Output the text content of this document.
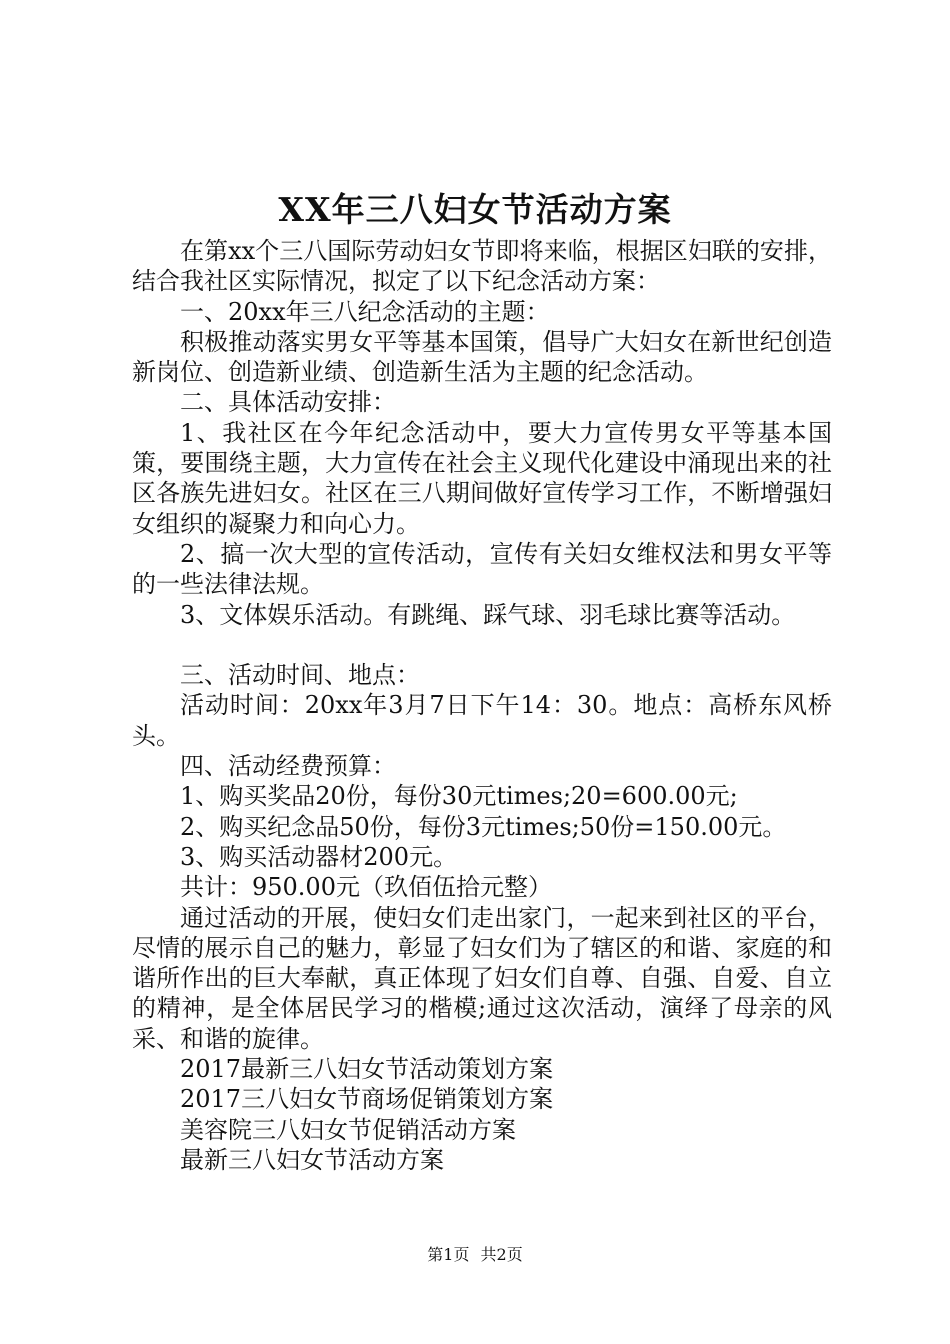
XX年三八妇女节活动方案

在第xx个三八国际劳动妇女节即将来临，根据区妇联的安排，结合我社区实际情况，拟定了以下纪念活动方案：

一、20xx年三八纪念活动的主题：

积极推动落实男女平等基本国策，倡导广大妇女在新世纪创造新岗位、创造新业绩、创造新生活为主题的纪念活动。

二、具体活动安排：

1、我社区在今年纪念活动中，要大力宣传男女平等基本国策，要围绕主题，大力宣传在社会主义现代化建设中涌现出来的社区各族先进妇女。社区在三八期间做好宣传学习工作，不断增强妇女组织的凝聚力和向心力。

2、搞一次大型的宣传活动，宣传有关妇女维权法和男女平等的一些法律法规。

3、文体娱乐活动。有跳绳、踩气球、羽毛球比赛等活动。

三、活动时间、地点：

活动时间：20xx年3月7日下午14：30。地点：高桥东风桥头。

四、活动经费预算：

1、购买奖品20份，每份30元times;20=600.00元;

2、购买纪念品50份，每份3元times;50份=150.00元。

3、购买活动器材200元。

共计：950.00元（玖佰伍拾元整）

通过活动的开展，使妇女们走出家门，一起来到社区的平台，尽情的展示自己的魅力，彰显了妇女们为了辖区的和谐、家庭的和谐所作出的巨大奉献，真正体现了妇女们自尊、自强、自爱、自立的精神，是全体居民学习的楷模;通过这次活动，演绎了母亲的风采、和谐的旋律。

2017最新三八妇女节活动策划方案

2017三八妇女节商场促销策划方案

美容院三八妇女节促销活动方案

最新三八妇女节活动方案

第1页 共2页
